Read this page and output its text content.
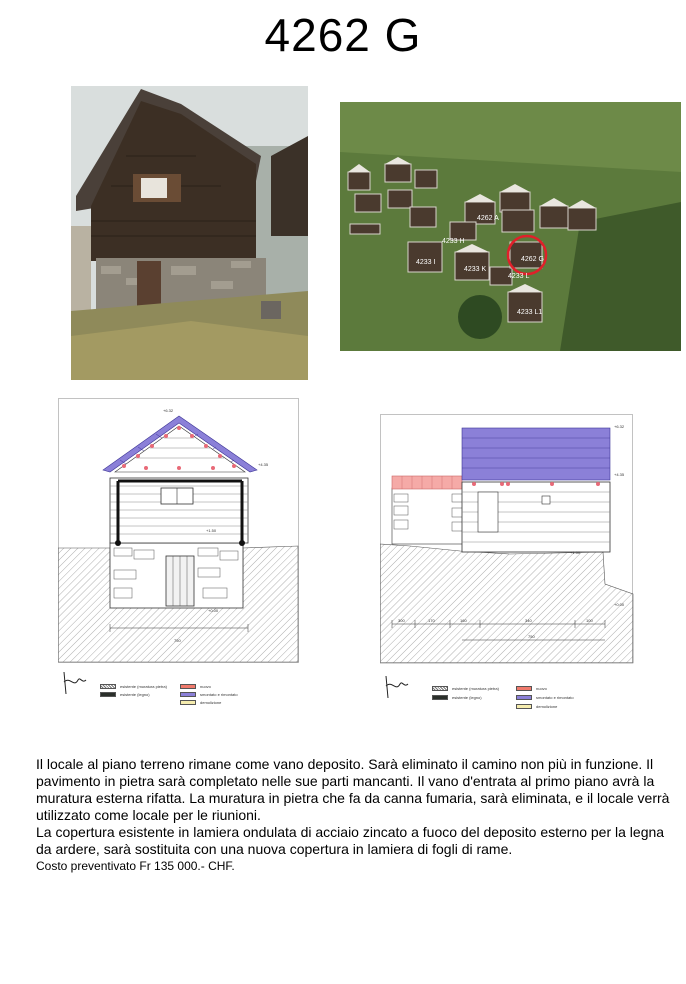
4262 G
4262 A
4233 H
4233 I
4233 K
4262 G
4233 L
4233 L1
+6.32
+4.35
+1.50
+0.00
750
+6.32
+4.35
+1.50
+0.00
300	170	160	340	100
750
esistente (muratura pietra)
esistente (legno)
nuovo
smontato e rimontato
demolizione
esistente (muratura pietra)
esistente (legno)
nuovo
smontato e rimontato
demolizione

Il locale al piano terreno rimane come vano deposito. Sarà eliminato il camino non più in funzione. Il pavimento in pietra sarà completato nelle sue parti mancanti. Il vano d'entrata al primo piano avrà la muratura esterna rifatta. La muratura in pietra che fa da canna fumaria, sarà eliminata, e il locale verrà utilizzato come locale per le riunioni.

La copertura esistente in lamiera ondulata di acciaio zincato a fuoco del deposito esterno per la legna da ardere, sarà sostituita con una nuova copertura in lamiera di fogli di rame.

Costo preventivato Fr 135 000.- CHF.
